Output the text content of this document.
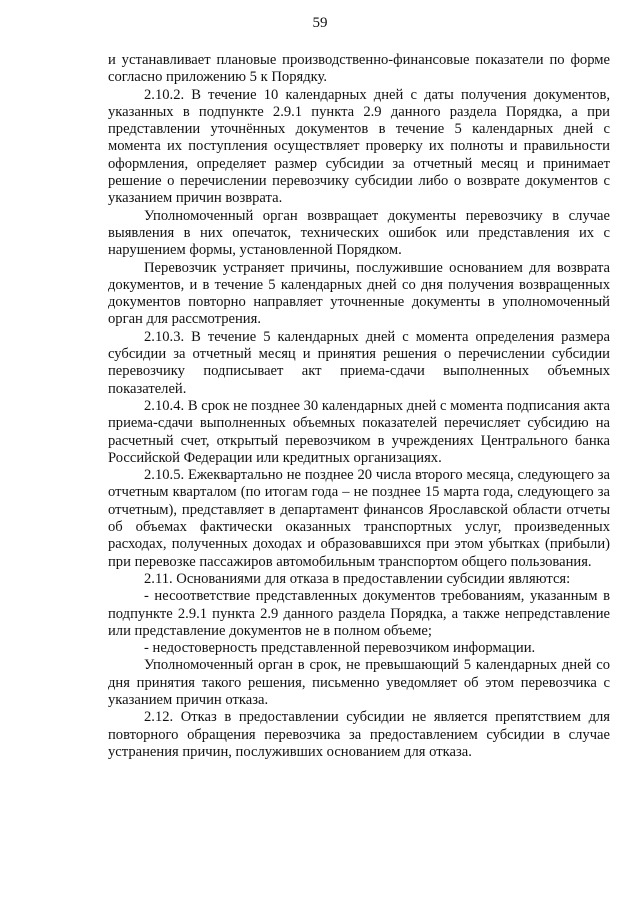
59

и устанавливает плановые производственно-финансовые показатели по форме согласно приложению 5 к Порядку.

2.10.2. В течение 10 календарных дней с даты получения документов, указанных в подпункте 2.9.1 пункта 2.9 данного раздела Порядка, а при представлении уточнённых документов в течение 5 календарных дней с момента их поступления осуществляет проверку их полноты и правильности оформления, определяет размер субсидии за отчетный месяц и принимает решение о перечислении перевозчику субсидии либо о возврате документов с указанием причин возврата.

Уполномоченный орган возвращает документы перевозчику в случае выявления в них опечаток, технических ошибок или представления их с нарушением формы, установленной Порядком.

Перевозчик устраняет причины, послужившие основанием для возврата документов, и в течение 5 календарных дней со дня получения возвращенных документов повторно направляет уточненные документы в уполномоченный орган для рассмотрения.

2.10.3. В течение 5 календарных дней с момента определения размера субсидии за отчетный месяц и принятия решения о перечислении субсидии перевозчику подписывает акт приема-сдачи выполненных объемных показателей.

2.10.4. В срок не позднее 30 календарных дней с момента подписания акта приема-сдачи выполненных объемных показателей перечисляет субсидию на расчетный счет, открытый перевозчиком в учреждениях Центрального банка Российской Федерации или кредитных организациях.

2.10.5. Ежеквартально не позднее 20 числа второго месяца, следующего за отчетным кварталом (по итогам года – не позднее 15 марта года, следующего за отчетным), представляет в департамент финансов Ярославской области отчеты об объемах фактически оказанных транспортных услуг, произведенных расходах, полученных доходах и образовавшихся при этом убытках (прибыли) при перевозке пассажиров автомобильным транспортом общего пользования.

2.11. Основаниями для отказа в предоставлении субсидии являются:

- несоответствие представленных документов требованиям, указанным в подпункте 2.9.1 пункта 2.9 данного раздела Порядка, а также непредставление или представление документов не в полном объеме;

- недостоверность представленной перевозчиком информации.

Уполномоченный орган в срок, не превышающий 5 календарных дней со дня принятия такого решения, письменно уведомляет об этом перевозчика с указанием причин отказа.

2.12. Отказ в предоставлении субсидии не является препятствием для повторного обращения перевозчика за предоставлением субсидии в случае устранения причин, послуживших основанием для отказа.
